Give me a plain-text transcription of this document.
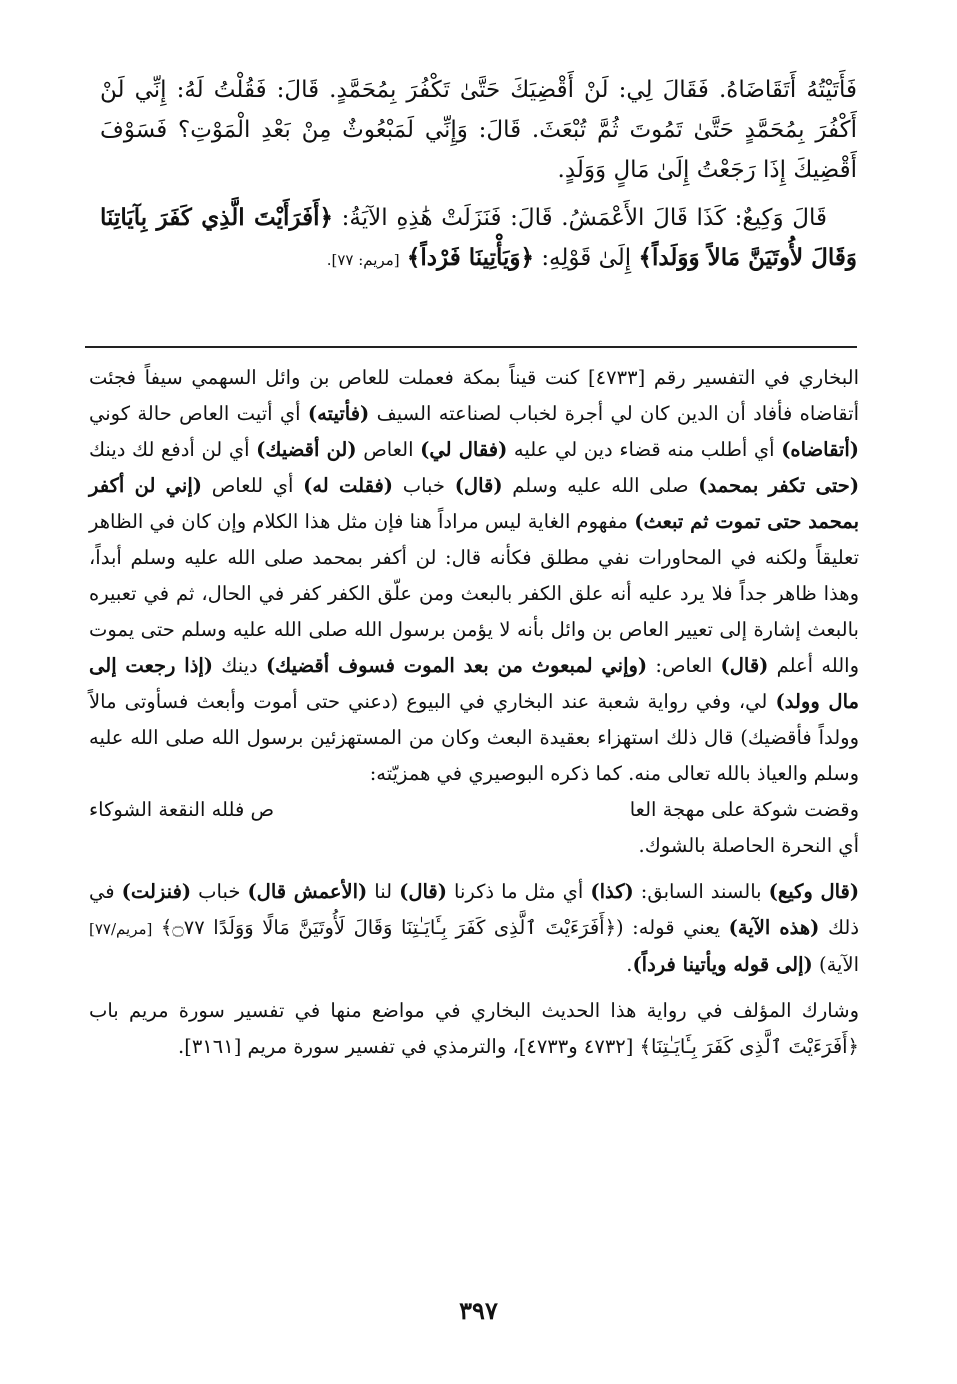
فَأَتَيْتُهُ أَتَقَاضَاهُ. فَقَالَ لِي: لَنْ أَقْضِيَكَ حَتَّىٰ تَكْفُرَ بِمُحَمَّدٍ. قَالَ: فَقُلْتُ لَهُ: إِنِّي لَنْ أَكْفُرَ بِمُحَمَّدٍ حَتَّىٰ تَمُوتَ ثُمَّ تُبْعَثَ. قَالَ: وَإِنِّي لَمَبْعُوثٌ مِنْ بَعْدِ الْمَوْتِ؟ فَسَوْفَ أَقْضِيكَ إِذَا رَجَعْتُ إِلَىٰ مَالٍ وَوَلَدٍ.

قَالَ وَكِيعٌ: كَذَا قَالَ الأَعْمَشُ. قَالَ: فَنَزَلَتْ هَٰذِهِ الآيَةُ: ﴿أَفَرَأَيْتَ الَّذِي كَفَرَ بِآيَاتِنَا وَقَالَ لأُوتَيَنَّ مَالاً وَوَلَداً﴾ إِلَىٰ قَوْلِهِ: ﴿وَيَأْتِينَا فَرْداً﴾ [مريم: ٧٧].

البخاري في التفسير رقم [٤٧٣٣] كنت قيناً بمكة فعملت للعاص بن وائل السهمي سيفاً فجئت أتقاضاه فأفاد أن الدين كان لي أجرة لخباب لصناعته السيف (فأتيته) أي أتيت العاص حالة كوني (أتقاضاه) أي أطلب منه قضاء دين لي عليه (فقال لي) العاص (لن أقضيك) أي لن أدفع لك دينك (حتى تكفر بمحمد) صلى الله عليه وسلم (قال) خباب (فقلت له) أي للعاص (إني لن أكفر بمحمد حتى تموت ثم تبعث) مفهوم الغاية ليس مراداً هنا فإن مثل هذا الكلام وإن كان في الظاهر تعليقاً ولكنه في المحاورات نفي مطلق فكأنه قال: لن أكفر بمحمد صلى الله عليه وسلم أبداً، وهذا ظاهر جداً فلا يرد عليه أنه علق الكفر بالبعث ومن علّق الكفر كفر في الحال، ثم في تعبيره بالبعث إشارة إلى تعيير العاص بن وائل بأنه لا يؤمن برسول الله صلى الله عليه وسلم حتى يموت والله أعلم (قال) العاص: (وإني لمبعوث من بعد الموت فسوف أقضيك) دينك (إذا رجعت إلى مال وولد) لي، وفي رواية شعبة عند البخاري في البيوع (دعني حتى أموت وأبعث فسأوتى مالاً وولداً فأقضيك) قال ذلك استهزاء بعقيدة البعث وكان من المستهزئين برسول الله صلى الله عليه وسلم والعياذ بالله تعالى منه. كما ذكره البوصيري في همزيّته:

وقضت شوكة على مهجة العا
ص فلله النقعة الشوكاء

أي النحرة الحاصلة بالشوك.

(قال وكيع) بالسند السابق: (كذا) أي مثل ما ذكرنا (قال) لنا (الأعمش قال) خباب (فنزلت) في ذلك (هذه الآية) يعني قوله: (﴿أَفَرَءَيْتَ ٱلَّذِى كَفَرَ بِـَٔايَـٰتِنَا وَقَالَ لَأُوتَيَنَّ مَالًا وَوَلَدًا ۝٧٧﴾ [مريم/٧٧] الآية) (إلى قوله ويأتينا فرداً).

وشارك المؤلف في رواية هذا الحديث البخاري في مواضع منها في تفسير سورة مريم باب ﴿أَفَرَءَيْتَ ٱلَّذِى كَفَرَ بِـَٔايَـٰتِنَا﴾ [٤٧٣٢ و٤٧٣٣]، والترمذي في تفسير سورة مريم [٣١٦١].

٣٩٧
